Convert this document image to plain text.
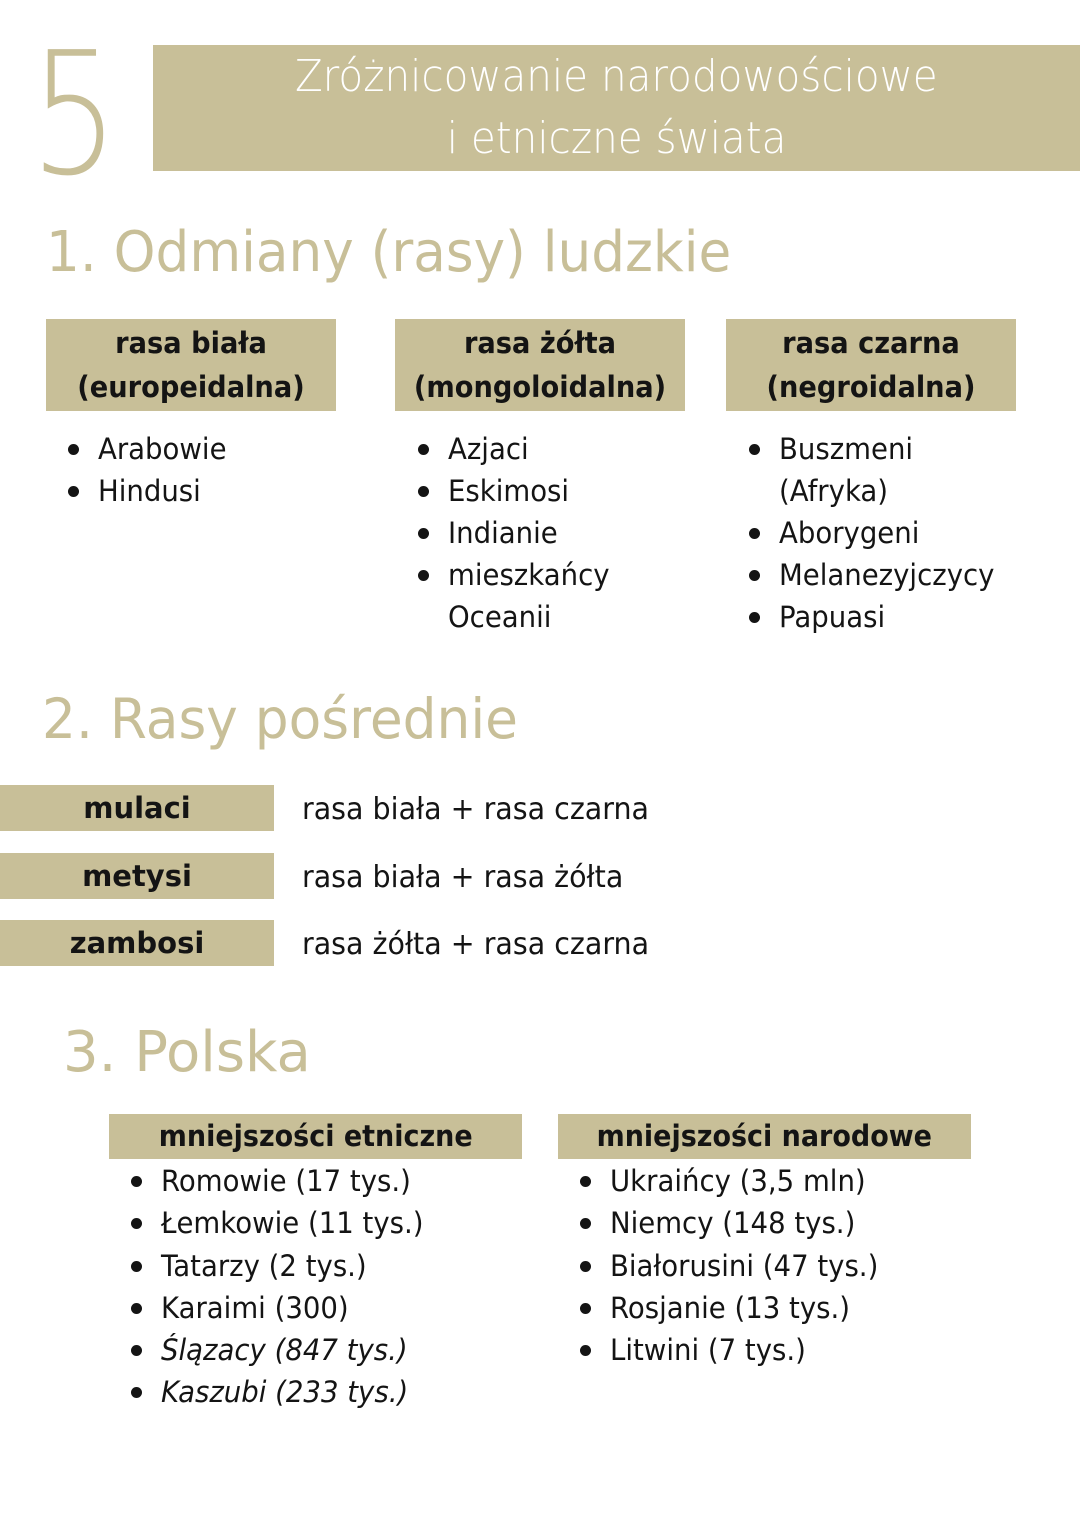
5	Zróżnicowanie narodowościowe
i etniczne świata
1. Odmiany (rasy) ludzkie
rasa biała
(europeidalna)
rasa żółta
(mongoloidalna)
rasa czarna
(negroidalna)
Arabowie
Hindusi
Azjaci
Eskimosi
Indianie
mieszkańcy Oceanii
Buszmeni (Afryka)
Aborygeni
Melanezyjczycy
Papuasi
2. Rasy pośrednie
mulaci	rasa biała + rasa czarna
metysi	rasa biała + rasa żółta
zambosi	rasa żółta + rasa czarna
3. Polska
mniejszości etniczne	mniejszości narodowe
Romowie (17 tys.)
Łemkowie (11 tys.)
Tatarzy (2 tys.)
Karaimi (300)
Ślązacy (847 tys.)
Kaszubi (233 tys.)
Ukraińcy (3,5 mln)
Niemcy (148 tys.)
Białorusini (47 tys.)
Rosjanie (13 tys.)
Litwini (7 tys.)
